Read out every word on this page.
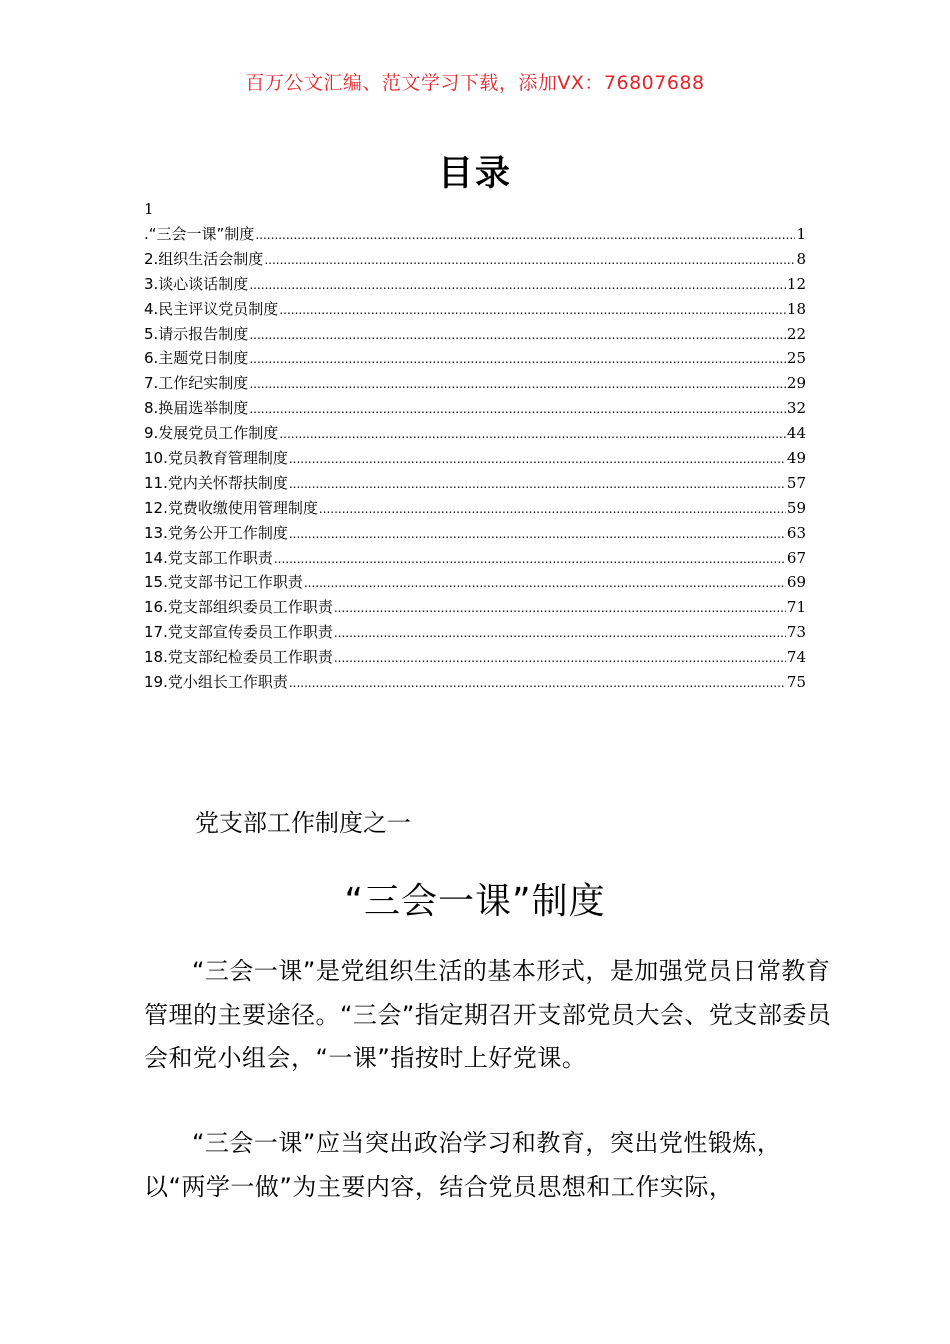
百万公文汇编、范文学习下载，添加VX：76807688
目录
1
.“三会一课”制度 .....	1
2.组织生活会制度 .....	8
3.谈心谈话制度 .....	12
4.民主评议党员制度 .....	18
5.请示报告制度 .....	22
6.主题党日制度 .....	25
7.工作纪实制度 .....	29
8.换届选举制度 .....	32
9.发展党员工作制度 .....	44
10.党员教育管理制度 .....	49
11.党内关怀帮扶制度 .....	57
12.党费收缴使用管理制度 .....	59
13.党务公开工作制度 .....	63
14.党支部工作职责 .....	67
15.党支部书记工作职责 .....	69
16.党支部组织委员工作职责 .....	71
17.党支部宣传委员工作职责 .....	73
18.党支部纪检委员工作职责 .....	74
19.党小组长工作职责 .....	75
党支部工作制度之一
“三会一课”制度

“三会一课”是党组织生活的基本形式，是加强党员日常教育管理的主要途径。“三会”指定期召开支部党员大会、党支部委员会和党小组会，“一课”指按时上好党课。

“三会一课”应当突出政治学习和教育，突出党性锻炼，以“两学一做”为主要内容，结合党员思想和工作实际，
